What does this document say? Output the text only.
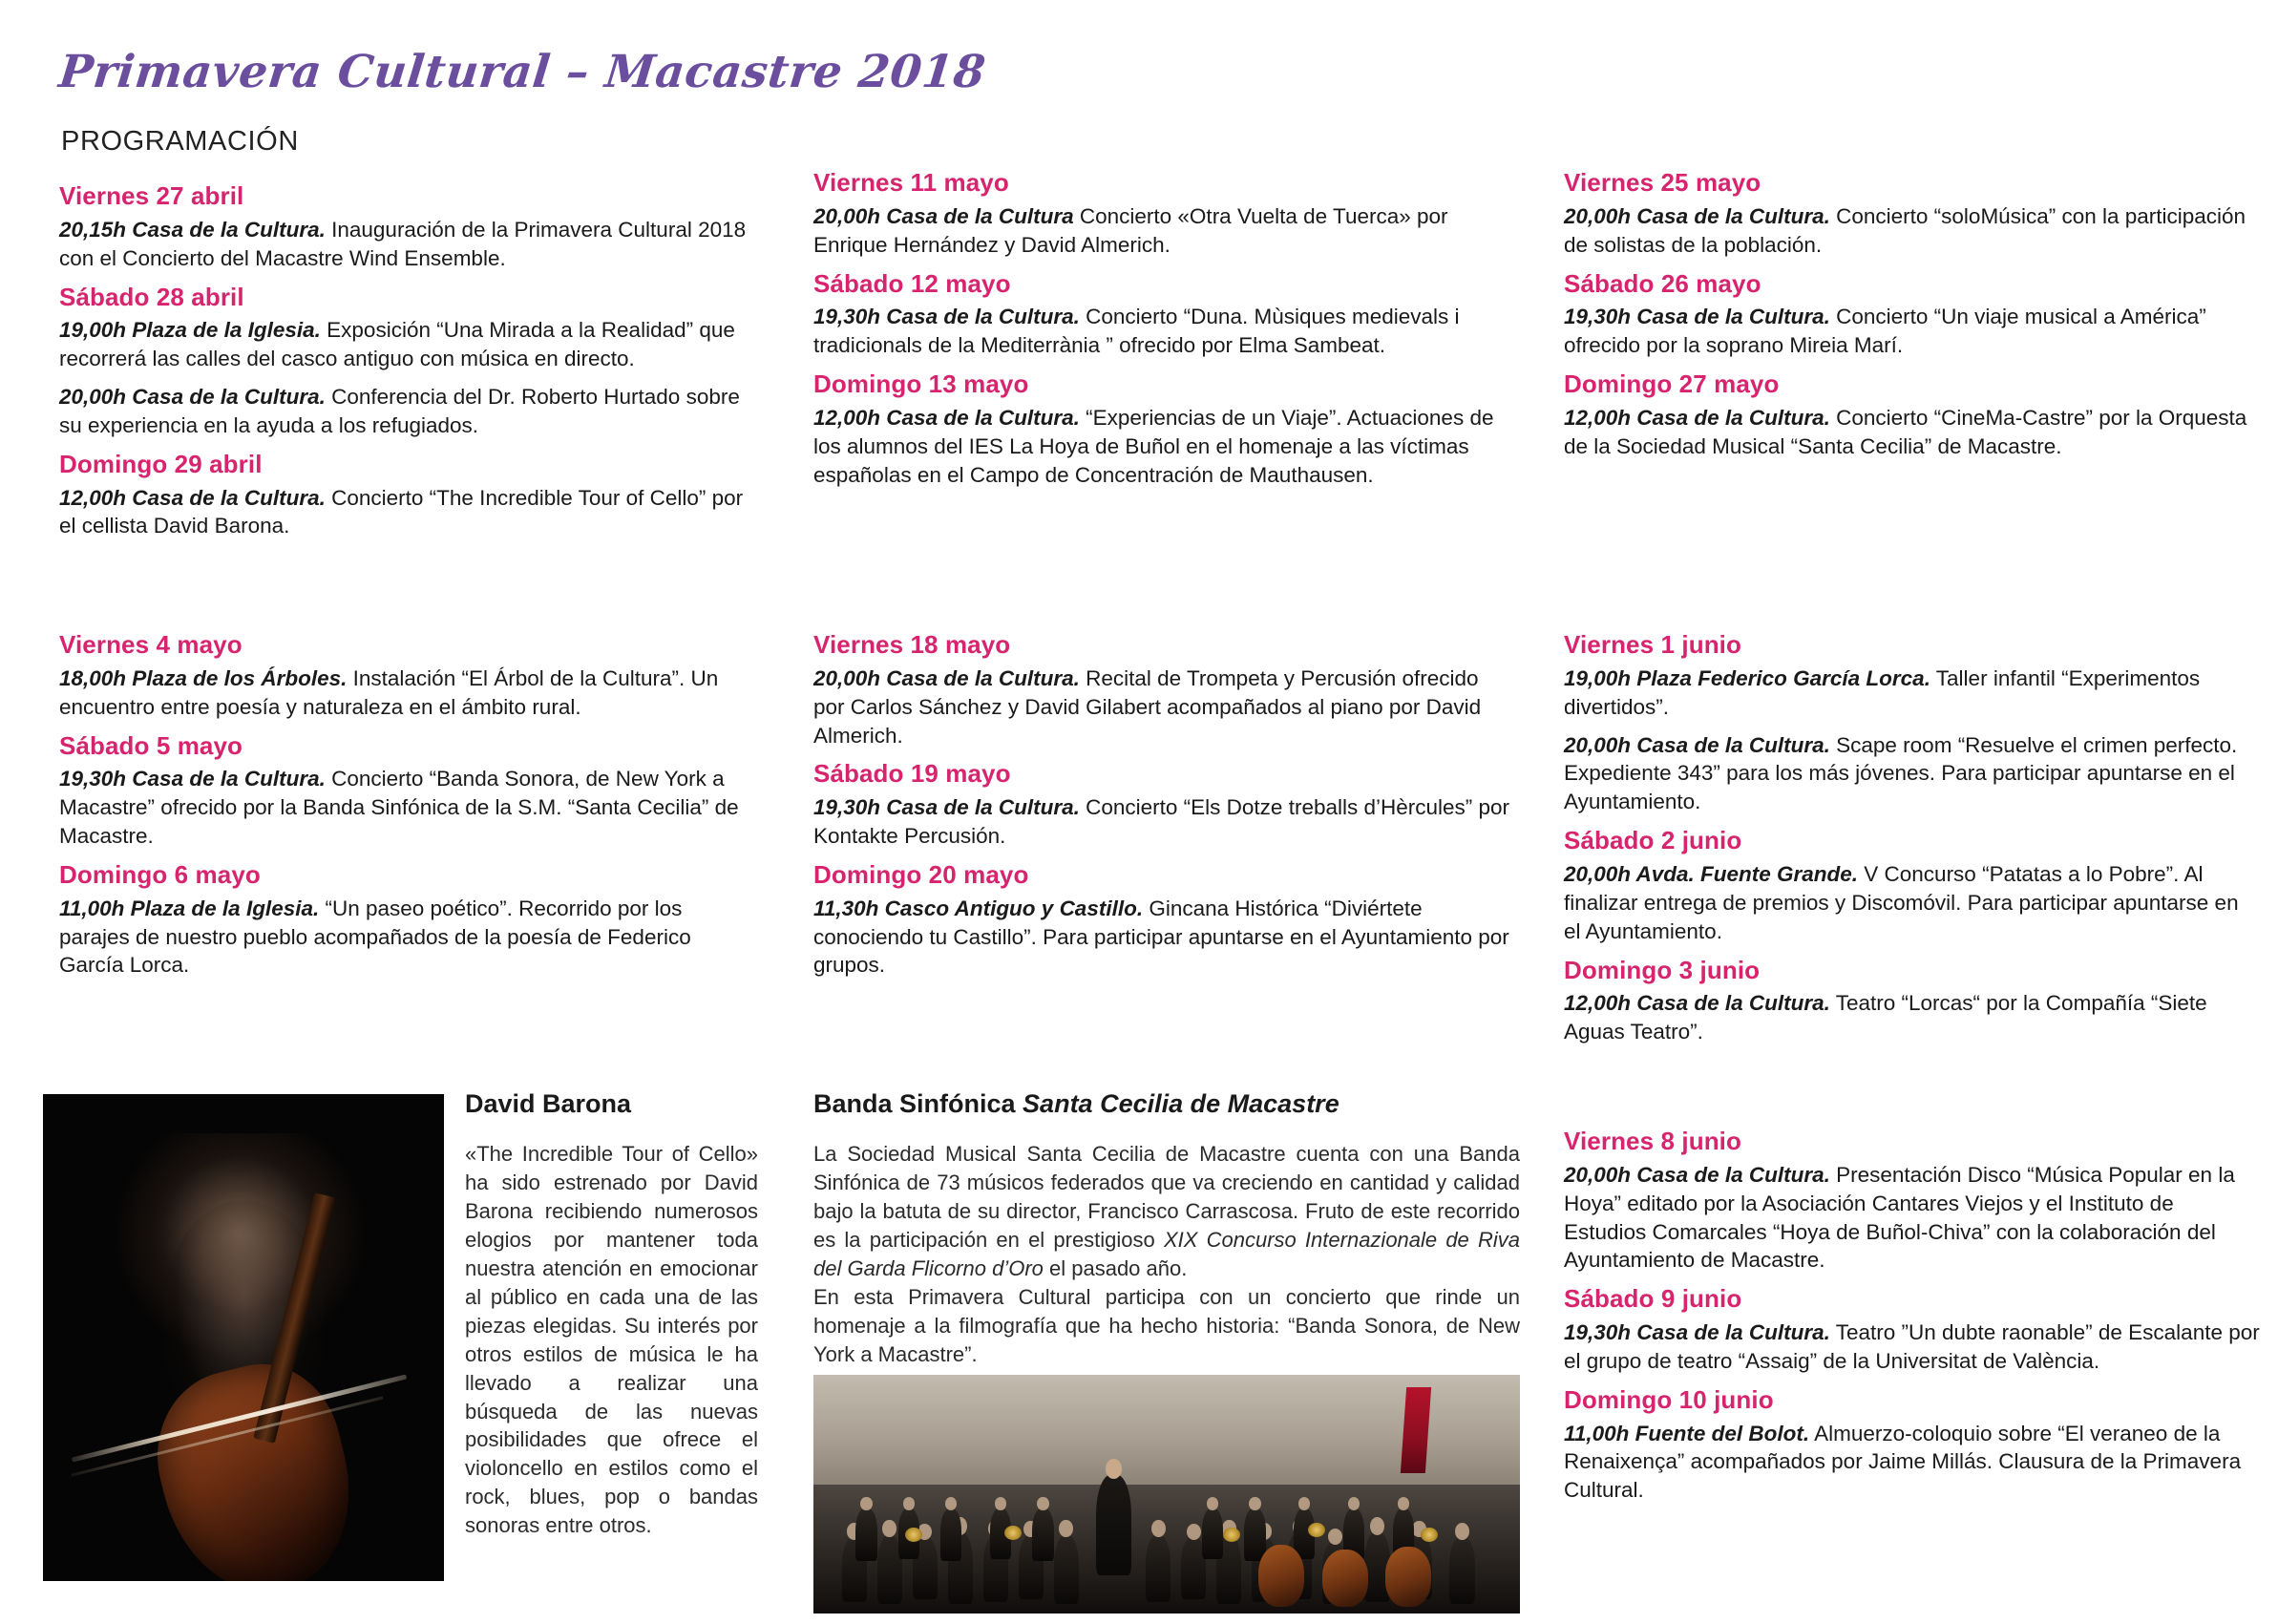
Primavera Cultural – Macastre 2018
PROGRAMACIÓN
Viernes 27 abril
20,15h Casa de la Cultura. Inauguración de la Primavera Cultural 2018 con el Concierto del Macastre Wind Ensemble.
Sábado 28 abril
19,00h Plaza de la Iglesia. Exposición “Una Mirada a la Realidad” que recorrerá las calles del casco antiguo con música en directo.
20,00h Casa de la Cultura. Conferencia del Dr. Roberto Hurtado sobre su experiencia en la ayuda a los refugiados.
Domingo 29 abril
12,00h Casa de la Cultura. Concierto “The Incredible Tour of Cello” por el cellista David Barona.
Viernes 4 mayo
18,00h Plaza de los Árboles. Instalación “El Árbol de la Cultura”. Un encuentro entre poesía y naturaleza en el ámbito rural.
Sábado 5 mayo
19,30h Casa de la Cultura. Concierto “Banda Sonora, de New York a Macastre” ofrecido por la Banda Sinfónica de la S.M. “Santa Cecilia” de Macastre.
Domingo 6 mayo
11,00h Plaza de la Iglesia. “Un paseo poético”. Recorrido por los parajes de nuestro pueblo acompañados de la poesía de Federico García Lorca.
Viernes 11 mayo
20,00h Casa de la Cultura Concierto «Otra Vuelta de Tuerca» por Enrique Hernández y David Almerich.
Sábado 12 mayo
19,30h Casa de la Cultura. Concierto “Duna. Mùsiques medievals i tradicionals de la Mediterrània ” ofrecido por Elma Sambeat.
Domingo 13 mayo
12,00h Casa de la Cultura. “Experiencias de un Viaje”. Actuaciones de los alumnos del IES La Hoya de Buñol en el homenaje a las víctimas españolas en el Campo de Concentración de Mauthausen.
Viernes 18 mayo
20,00h Casa de la Cultura. Recital de Trompeta y Percusión ofrecido por Carlos Sánchez y David Gilabert acompañados al piano por David Almerich.
Sábado 19 mayo
19,30h Casa de la Cultura. Concierto “Els Dotze treballs d’Hèrcules” por Kontakte Percusión.
Domingo 20 mayo
11,30h Casco Antiguo y Castillo. Gincana Histórica “Diviértete conociendo tu Castillo”. Para participar apuntarse en el Ayuntamiento por grupos.
Viernes 25 mayo
20,00h Casa de la Cultura. Concierto “soloMúsica” con la participación de solistas de la población.
Sábado 26 mayo
19,30h Casa de la Cultura. Concierto “Un viaje musical a América” ofrecido por la soprano Mireia Marí.
Domingo 27 mayo
12,00h Casa de la Cultura. Concierto “CineMa-Castre” por la Orquesta de la Sociedad Musical “Santa Cecilia” de Macastre.
Viernes 1 junio
19,00h Plaza Federico García Lorca. Taller infantil “Experimentos divertidos”.
20,00h Casa de la Cultura. Scape room “Resuelve el crimen perfecto. Expediente 343” para los más jóvenes. Para participar apuntarse en el Ayuntamiento.
Sábado 2 junio
20,00h Avda. Fuente Grande. V Concurso “Patatas a lo Pobre”. Al finalizar entrega de premios y Discomóvil. Para participar apuntarse en el Ayuntamiento.
Domingo 3 junio
12,00h Casa de la Cultura. Teatro “Lorcas“ por la Compañía “Siete Aguas Teatro”.
Viernes 8 junio
20,00h Casa de la Cultura. Presentación Disco “Música Popular en la Hoya” editado por la Asociación Cantares Viejos y el Instituto de Estudios Comarcales “Hoya de Buñol-Chiva” con la colaboración del Ayuntamiento de Macastre.
Sábado 9 junio
19,30h Casa de la Cultura. Teatro ”Un dubte raonable” de Escalante por el grupo de teatro “Assaig” de la Universitat de València.
Domingo 10 junio
11,00h Fuente del Bolot. Almuerzo-coloquio sobre “El veraneo de la Renaixença” acompañados por Jaime Millás. Clausura de la Primavera Cultural.
David Barona

«The Incredible Tour of Cello» ha sido estrenado por David Barona recibiendo numerosos elogios por mantener toda nuestra atención en emocionar al público en cada una de las piezas elegidas. Su interés por otros estilos de música le ha llevado a realizar una búsqueda de las nuevas posibilidades que ofrece el violoncello en estilos como el rock, blues, pop o bandas sonoras entre otros.

Banda Sinfónica Santa Cecilia de Macastre

La Sociedad Musical Santa Cecilia de Macastre cuenta con una Banda Sinfónica de 73 músicos federados que va creciendo en cantidad y calidad bajo la batuta de su director, Francisco Carrascosa. Fruto de este recorrido es la participación en el prestigioso XIX Concurso Internazionale de Riva del Garda Flicorno d’Oro el pasado año.

En esta Primavera Cultural participa con un concierto que rinde un homenaje a la filmografía que ha hecho historia: “Banda Sonora, de New York a Macastre”.
